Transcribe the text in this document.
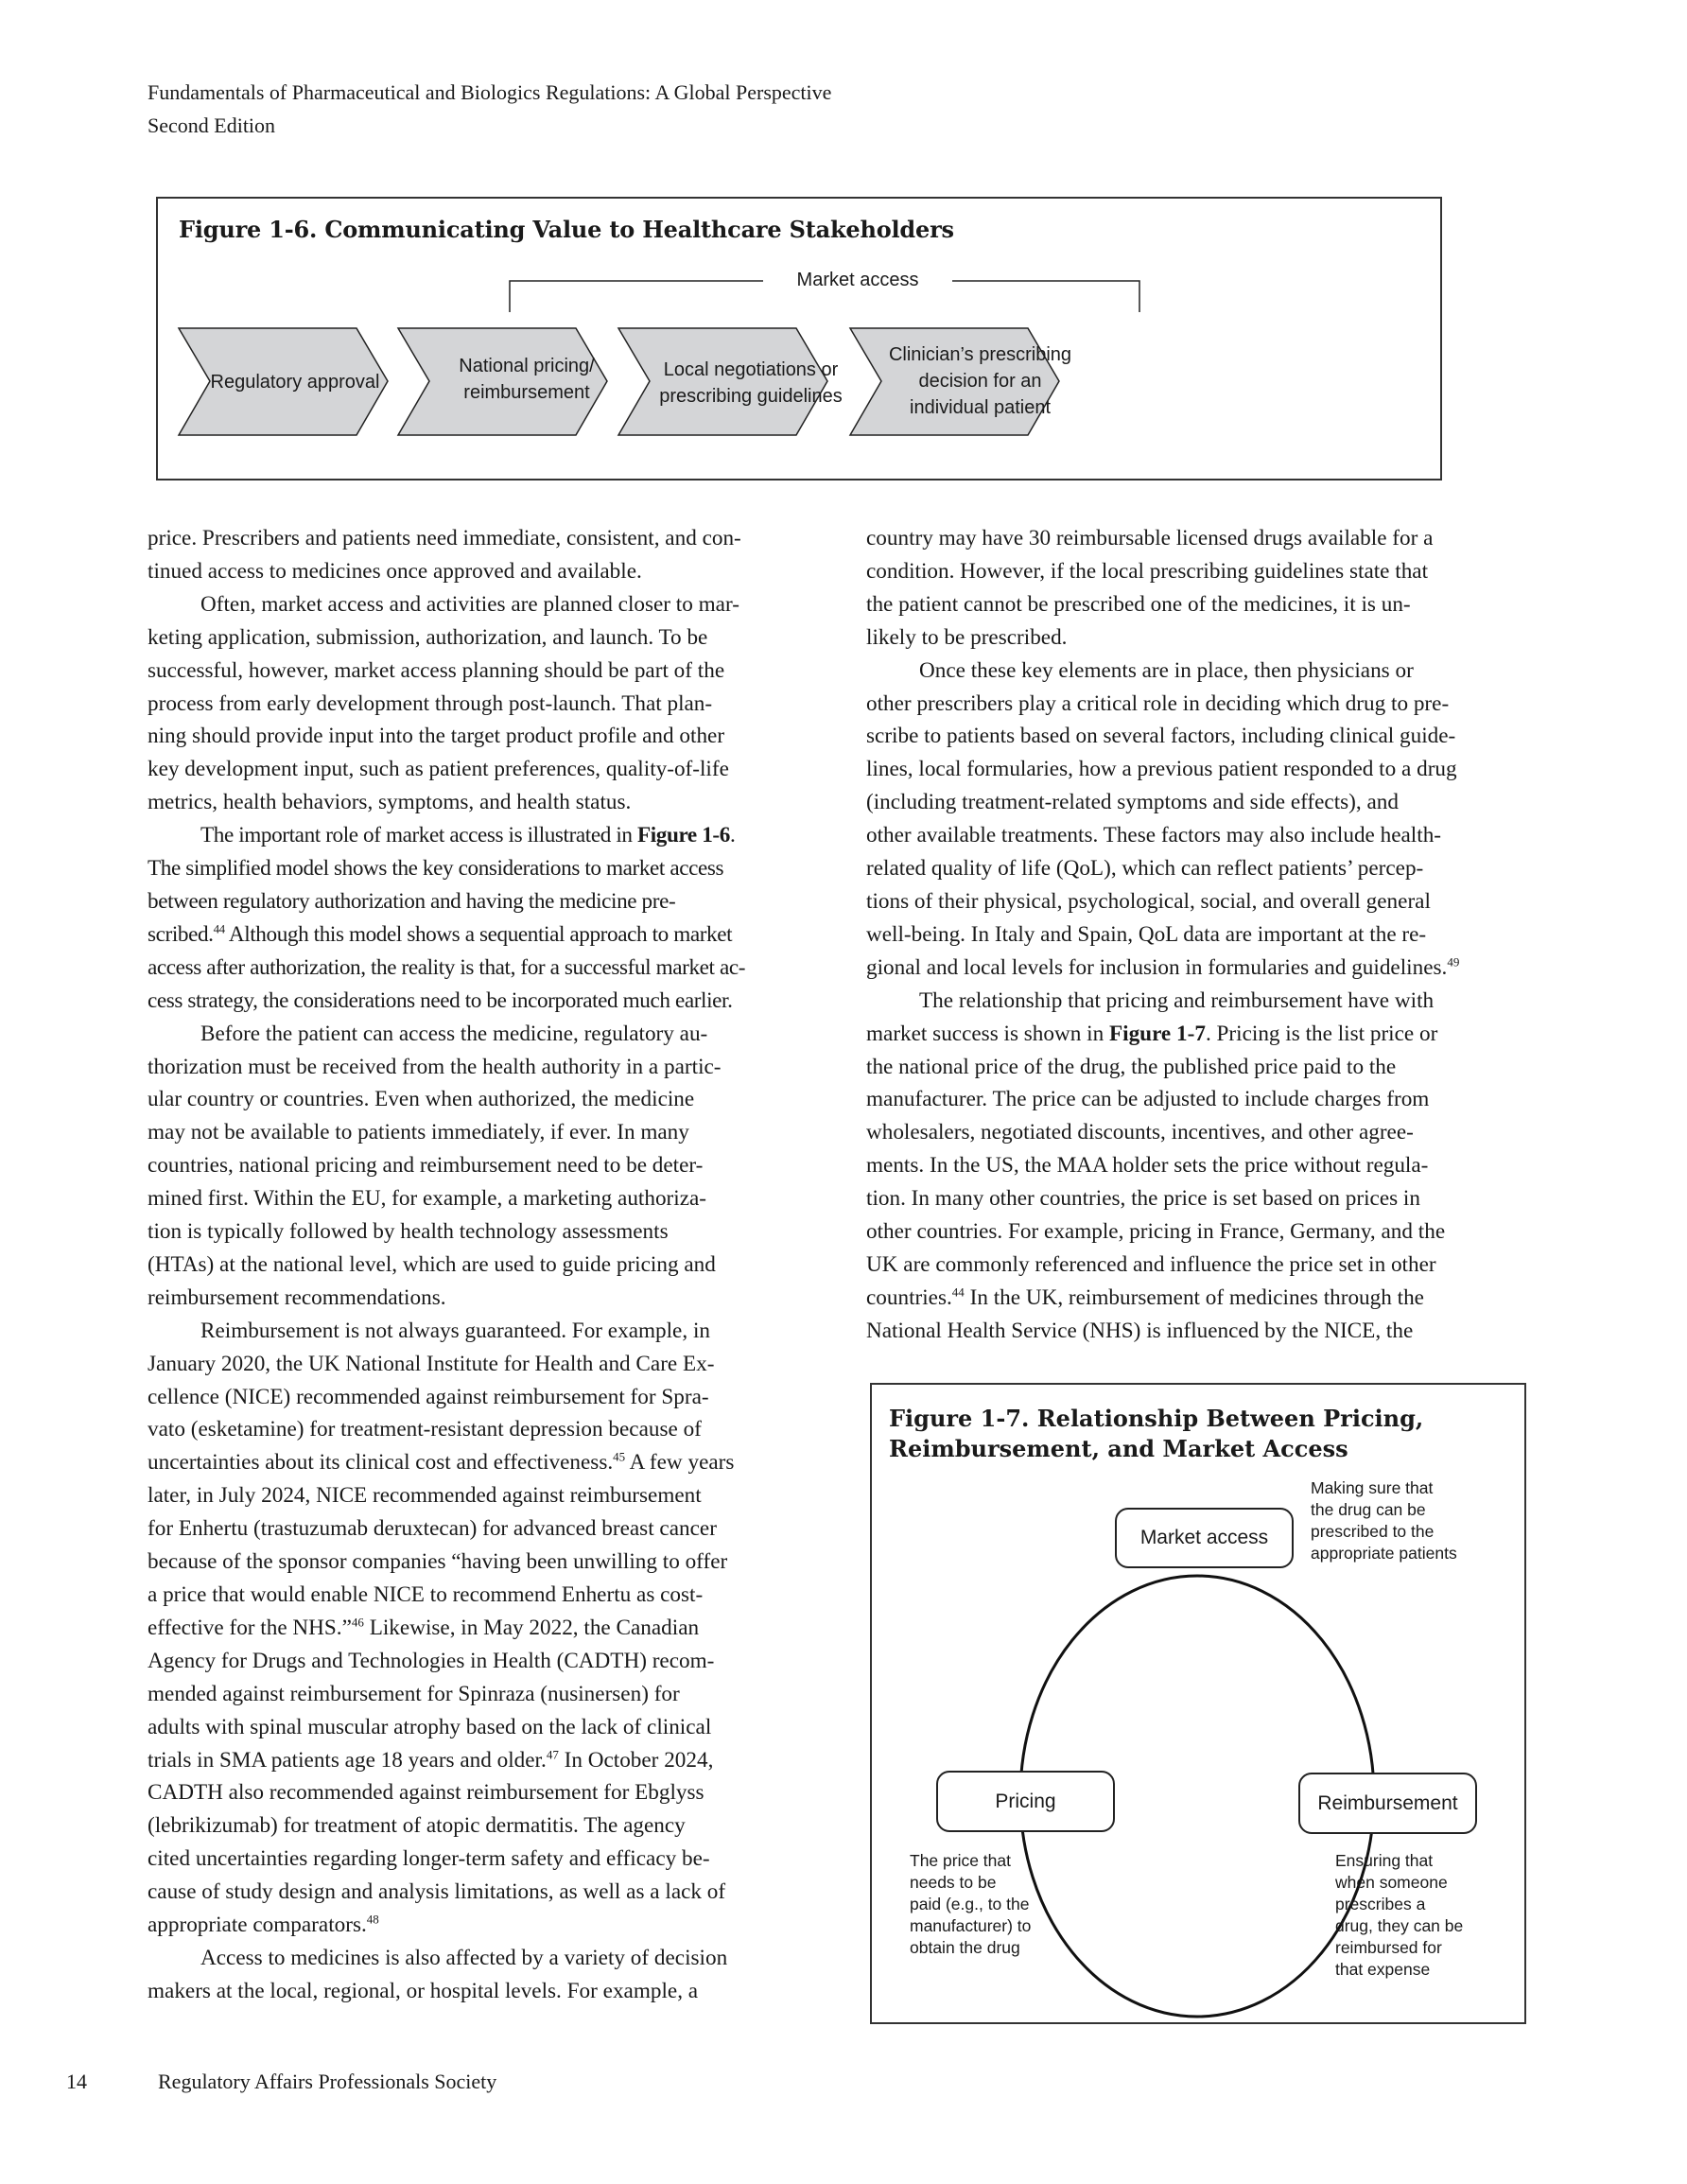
Fundamentals of Pharmaceutical and Biologics Regulations: A Global Perspective
Second Edition
Figure 1-6. Communicating Value to Healthcare Stakeholders
Market access
Regulatory approval
National pricing/
reimbursement
Local negotiations or
prescribing guidelines
Clinician’s prescribing
decision for an
individual patient

price. Prescribers and patients need immediate, consistent, and con-
tinued access to medicines once approved and available.

Often, market access and activities are planned closer to mar-
keting application, submission, authorization, and launch. To be
successful, however, market access planning should be part of the
process from early development through post-launch. That plan-
ning should provide input into the target product profile and other
key development input, such as patient preferences, quality-of-life
metrics, health behaviors, symptoms, and health status.

The important role of market access is illustrated in Figure 1-6.
The simplified model shows the key considerations to market access
between regulatory authorization and having the medicine pre-
scribed.$^{44}$ Although this model shows a sequential approach to market
access after authorization, the reality is that, for a successful market ac-
cess strategy, the considerations need to be incorporated much earlier.

Before the patient can access the medicine, regulatory au-
thorization must be received from the health authority in a partic-
ular country or countries. Even when authorized, the medicine
may not be available to patients immediately, if ever. In many
countries, national pricing and reimbursement need to be deter-
mined first. Within the EU, for example, a marketing authoriza-
tion is typically followed by health technology assessments
(HTAs) at the national level, which are used to guide pricing and
reimbursement recommendations.

Reimbursement is not always guaranteed. For example, in
January 2020, the UK National Institute for Health and Care Ex-
cellence (NICE) recommended against reimbursement for Spra-
vato (esketamine) for treatment-resistant depression because of
uncertainties about its clinical cost and effectiveness.$^{45}$ A few years
later, in July 2024, NICE recommended against reimbursement
for Enhertu (trastuzumab deruxtecan) for advanced breast cancer
because of the sponsor companies “having been unwilling to offer
a price that would enable NICE to recommend Enhertu as cost-
effective for the NHS.”$^{46}$ Likewise, in May 2022, the Canadian
Agency for Drugs and Technologies in Health (CADTH) recom-
mended against reimbursement for Spinraza (nusinersen) for
adults with spinal muscular atrophy based on the lack of clinical
trials in SMA patients age 18 years and older.$^{47}$ In October 2024,
CADTH also recommended against reimbursement for Ebglyss
(lebrikizumab) for treatment of atopic dermatitis. The agency
cited uncertainties regarding longer-term safety and efficacy be-
cause of study design and analysis limitations, as well as a lack of
appropriate comparators.$^{48}$

Access to medicines is also affected by a variety of decision
makers at the local, regional, or hospital levels. For example, a

country may have 30 reimbursable licensed drugs available for a
condition. However, if the local prescribing guidelines state that
the patient cannot be prescribed one of the medicines, it is un-
likely to be prescribed.

Once these key elements are in place, then physicians or
other prescribers play a critical role in deciding which drug to pre-
scribe to patients based on several factors, including clinical guide-
lines, local formularies, how a previous patient responded to a drug
(including treatment-related symptoms and side effects), and
other available treatments. These factors may also include health-
related quality of life (QoL), which can reflect patients’ percep-
tions of their physical, psychological, social, and overall general
well-being. In Italy and Spain, QoL data are important at the re-
gional and local levels for inclusion in formularies and guidelines.$^{49}$

The relationship that pricing and reimbursement have with
market success is shown in Figure 1-7. Pricing is the list price or
the national price of the drug, the published price paid to the
manufacturer. The price can be adjusted to include charges from
wholesalers, negotiated discounts, incentives, and other agree-
ments. In the US, the MAA holder sets the price without regula-
tion. In many other countries, the price is set based on prices in
other countries. For example, pricing in France, Germany, and the
UK are commonly referenced and influence the price set in other
countries.$^{44}$ In the UK, reimbursement of medicines through the
National Health Service (NHS) is influenced by the NICE, the

Figure 1-7. Relationship Between Pricing,
Reimbursement, and Market Access
Market access
Pricing	Reimbursement
Making sure that
the drug can be
prescribed to the
appropriate patients
The price that
needs to be
paid (e.g., to the
manufacturer) to
obtain the drug
Ensuring that
when someone
prescribes a
drug, they can be
reimbursed for
that expense
14	Regulatory Affairs Professionals Society
